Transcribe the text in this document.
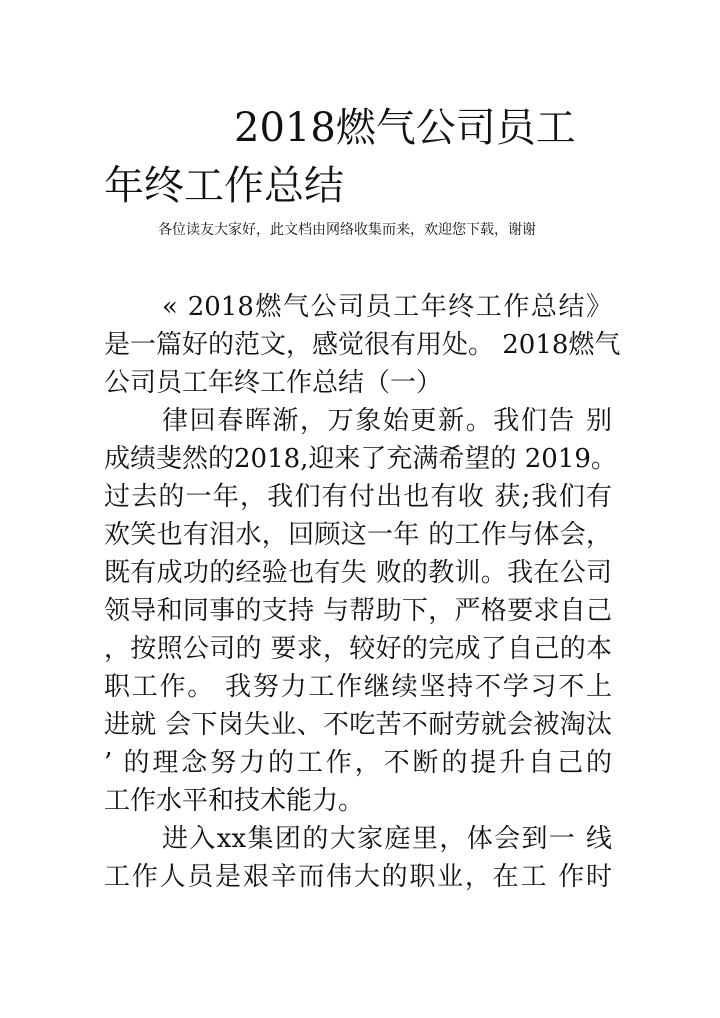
2018燃气公司员工
年终工作总结
各位读友大家好，此文档由网络收集而来，欢迎您下载，谢谢
« 2018燃气公司员工年终工作总结》
是一篇好的范文，感觉很有用处。 2018燃气
公司员工年终工作总结（一）
律回春晖渐，万象始更新。我们告 别
成绩斐然的2018,迎来了充满希望的 2019。
过去的一年，我们有付出也有收 获;我们有
欢笑也有泪水，回顾这一年 的工作与体会，
既有成功的经验也有失 败的教训。我在公司
领导和同事的支持 与帮助下，严格要求自己
，按照公司的 要求，较好的完成了自己的本
职工作。 我努力工作继续坚持不学习不上
进就 会下岗失业、不吃苦不耐劳就会被淘汰
’ 的理念努力的工作，不断的提升自己的
工作水平和技术能力。
进入xx集团的大家庭里，体会到一 线
工作人员是艰辛而伟大的职业，在工 作时
